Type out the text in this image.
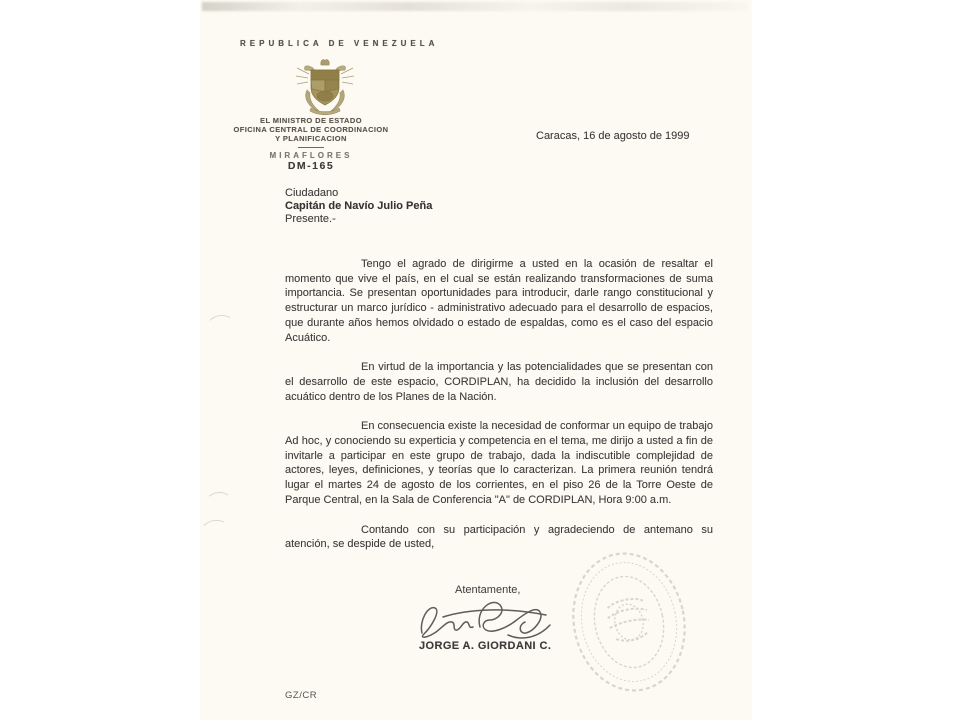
REPUBLICA DE VENEZUELA
EL MINISTRO DE ESTADO
OFICINA CENTRAL DE COORDINACION
Y PLANIFICACION
MIRAFLORES
DM-165
Caracas, 16 de agosto de 1999
Ciudadano
Capitán de Navío Julio Peña
Presente.-

Tengo el agrado de dirigirme a usted en la ocasión de resaltar el momento que vive el país, en el cual se están realizando transformaciones de suma importancia. Se presentan oportunidades para introducir, darle rango constitucional y estructurar un marco jurídico - administrativo adecuado para el desarrollo de espacios, que durante años hemos olvidado o estado de espaldas, como es el caso del espacio Acuático.

En virtud de la importancia y las potencialidades que se presentan con el desarrollo de este espacio, CORDIPLAN, ha decidido la inclusión del desarrollo acuático dentro de los Planes de la Nación.

En consecuencia existe la necesidad de conformar un equipo de trabajo Ad hoc, y conociendo su experticia y competencia en el tema, me dirijo a usted a fin de invitarle a participar en este grupo de trabajo, dada la indiscutible complejidad de actores, leyes, definiciones, y teorías que lo caracterizan. La primera reunión tendrá lugar el martes 24 de agosto de los corrientes, en el piso 26 de la Torre Oeste de Parque Central, en la Sala de Conferencia "A" de CORDIPLAN, Hora 9:00 a.m.

Contando con su participación y agradeciendo de antemano su atención, se despide de usted,

Atentamente,
JORGE A. GIORDANI C.
GZ/CR
